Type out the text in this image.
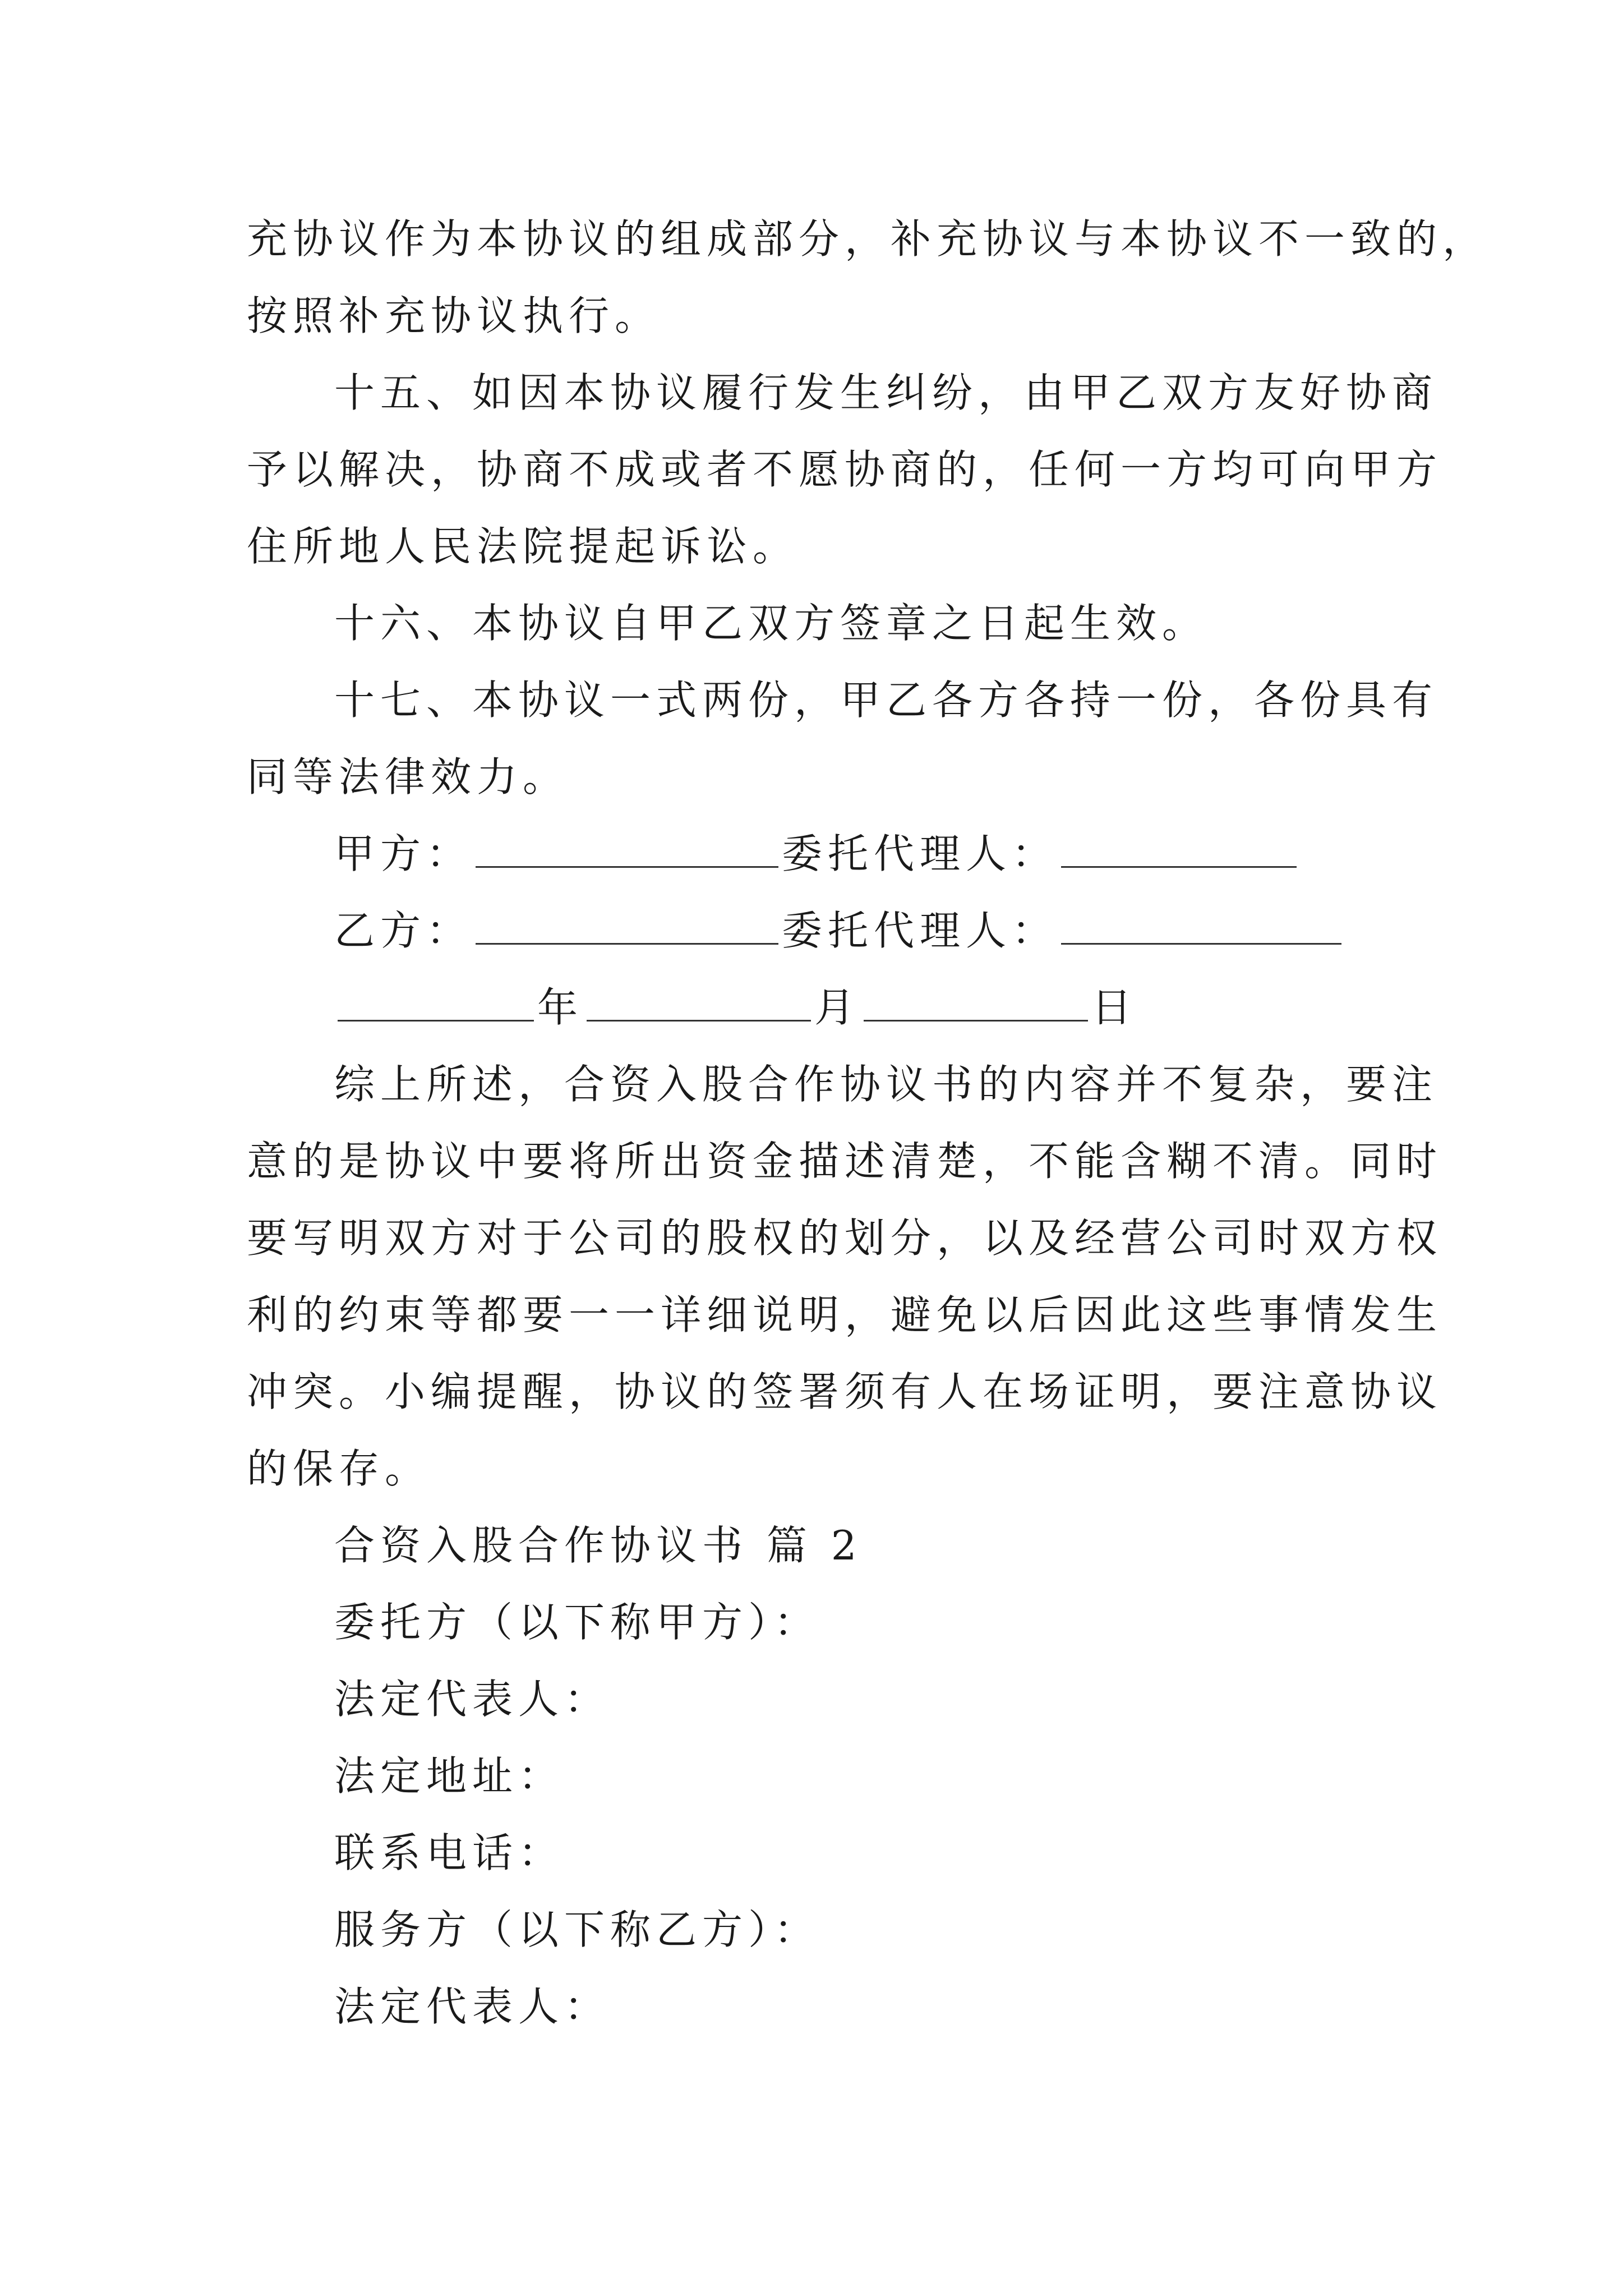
充协议作为本协议的组成部分，补充协议与本协议不一致的，
按照补充协议执行。
十五、如因本协议履行发生纠纷，由甲乙双方友好协商
予以解决，协商不成或者不愿协商的，任何一方均可向甲方
住所地人民法院提起诉讼。
十六、本协议自甲乙双方签章之日起生效。
十七、本协议一式两份，甲乙各方各持一份，各份具有
同等法律效力。
甲方：	委托代理人：
乙方：	委托代理人：
年	月	日
综上所述，合资入股合作协议书的内容并不复杂，要注
意的是协议中要将所出资金描述清楚，不能含糊不清。同时
要写明双方对于公司的股权的划分，以及经营公司时双方权
利的约束等都要一一详细说明，避免以后因此这些事情发生
冲突。小编提醒，协议的签署须有人在场证明，要注意协议
的保存。
合资入股合作协议书 篇 2
委托方（以下称甲方）：
法定代表人：
法定地址：
联系电话：
服务方（以下称乙方）：
法定代表人：
